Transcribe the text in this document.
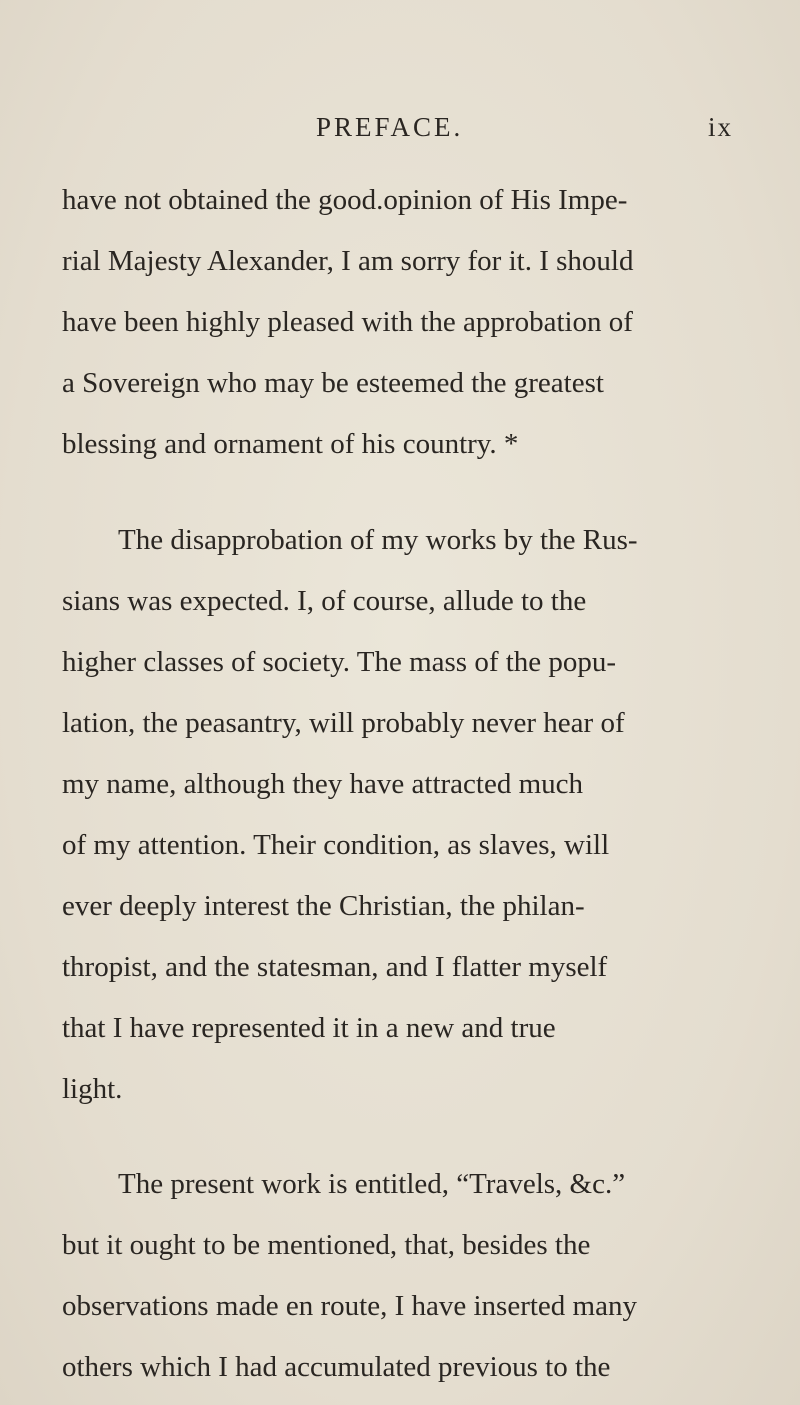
PREFACE.	ix
have not obtained the good.opinion of His Impe-
rial Majesty Alexander, I am sorry for it. I should
have been highly pleased with the approbation of
a Sovereign who may be esteemed the greatest
blessing and ornament of his country. *
The disapprobation of my works by the Rus-
sians was expected. I, of course, allude to the
higher classes of society. The mass of the popu-
lation, the peasantry, will probably never hear of
my name, although they have attracted much
of my attention. Their condition, as slaves, will
ever deeply interest the Christian, the philan-
thropist, and the statesman, and I flatter myself
that I have represented it in a new and true
light.
The present work is entitled, “Travels, &c.”
but it ought to be mentioned, that, besides the
observations made en route, I have inserted many
others which I had accumulated previous to the
